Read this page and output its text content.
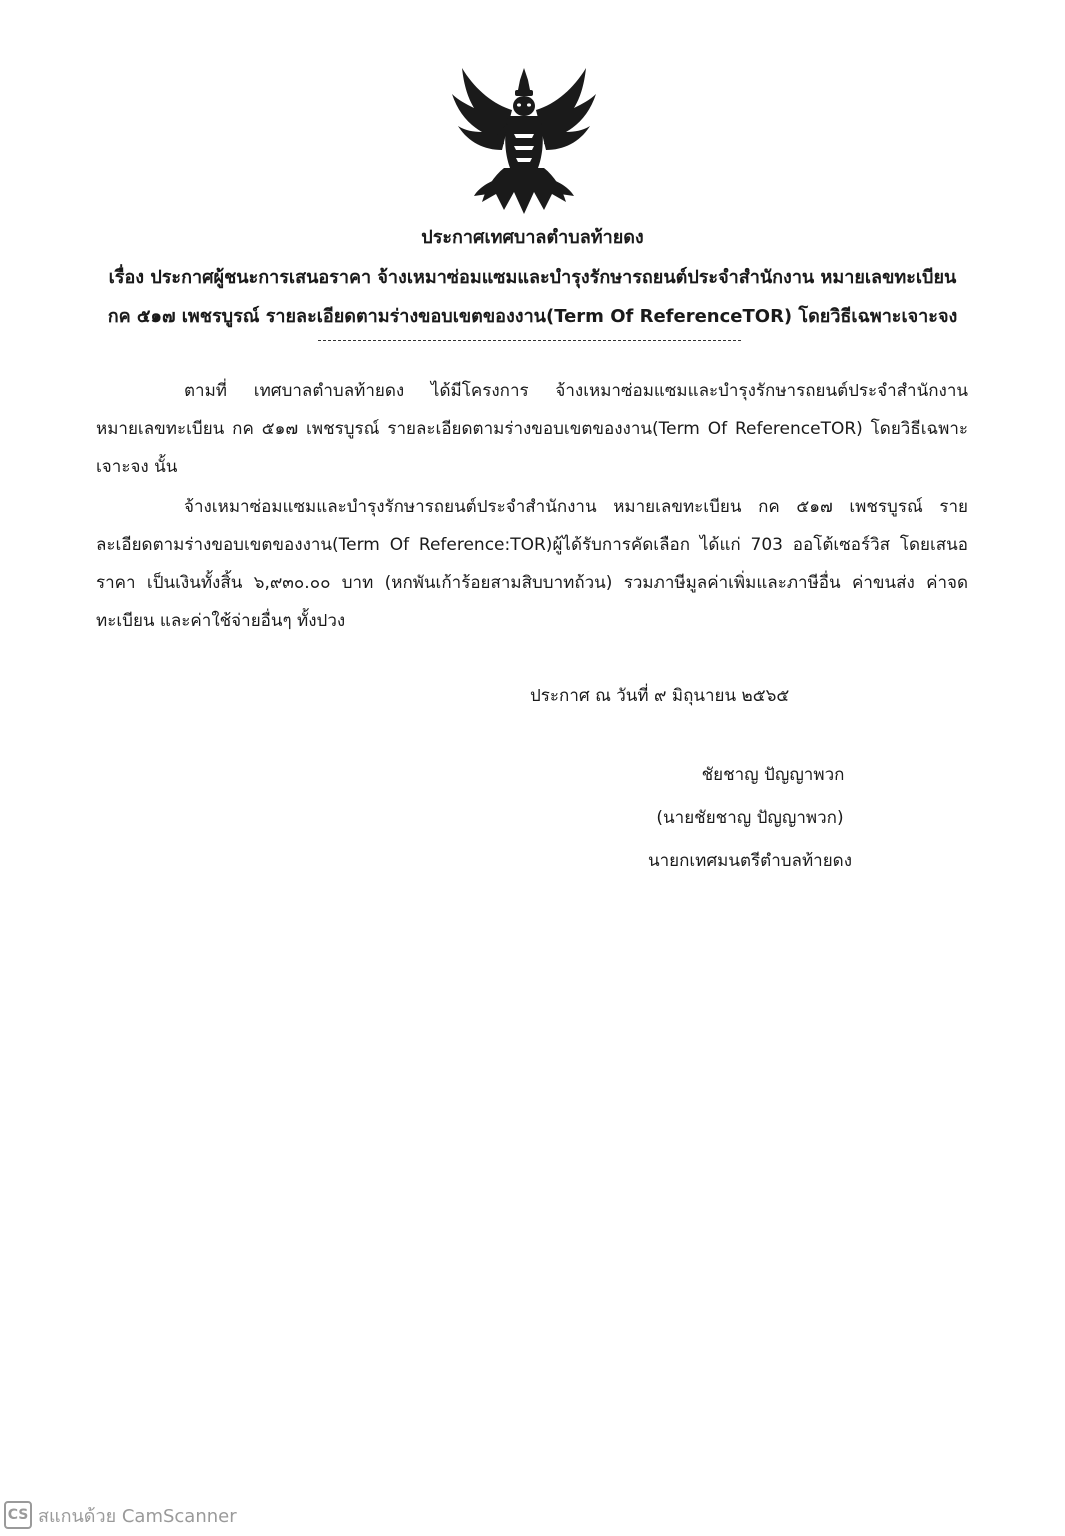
ประกาศเทศบาลตำบลท้ายดง
เรื่อง ประกาศผู้ชนะการเสนอราคา จ้างเหมาซ่อมแซมและบำรุงรักษารถยนต์ประจำสำนักงาน หมายเลขทะเบียน
กค ๕๑๗ เพชรบูรณ์ รายละเอียดตามร่างขอบเขตของงาน(Term Of ReferenceTOR) โดยวิธีเฉพาะเจาะจง
ตามที่ เทศบาลตำบลท้ายดง ได้มีโครงการ จ้างเหมาซ่อมแซมและบำรุงรักษารถยนต์ประจำสำนักงาน หมายเลขทะเบียน กค ๕๑๗ เพชรบูรณ์ รายละเอียดตามร่างขอบเขตของงาน(Term Of ReferenceTOR) โดยวิธีเฉพาะเจาะจง นั้น
จ้างเหมาซ่อมแซมและบำรุงรักษารถยนต์ประจำสำนักงาน หมายเลขทะเบียน กค ๕๑๗ เพชรบูรณ์ รายละเอียดตามร่างขอบเขตของงาน(Term Of Reference:TOR)ผู้ได้รับการคัดเลือก ได้แก่ 703 ออโต้เซอร์วิส โดยเสนอราคา เป็นเงินทั้งสิ้น ๖,๙๓๐.๐๐ บาท (หกพันเก้าร้อยสามสิบบาทถ้วน) รวมภาษีมูลค่าเพิ่มและภาษีอื่น ค่าขนส่ง ค่าจดทะเบียน และค่าใช้จ่ายอื่นๆ ทั้งปวง
ประกาศ ณ วันที่ ๙ มิถุนายน ๒๕๖๕
ชัยชาญ ปัญญาพวก
(นายชัยชาญ ปัญญาพวก)
นายกเทศมนตรีตำบลท้ายดง
CS สแกนด้วย CamScanner
